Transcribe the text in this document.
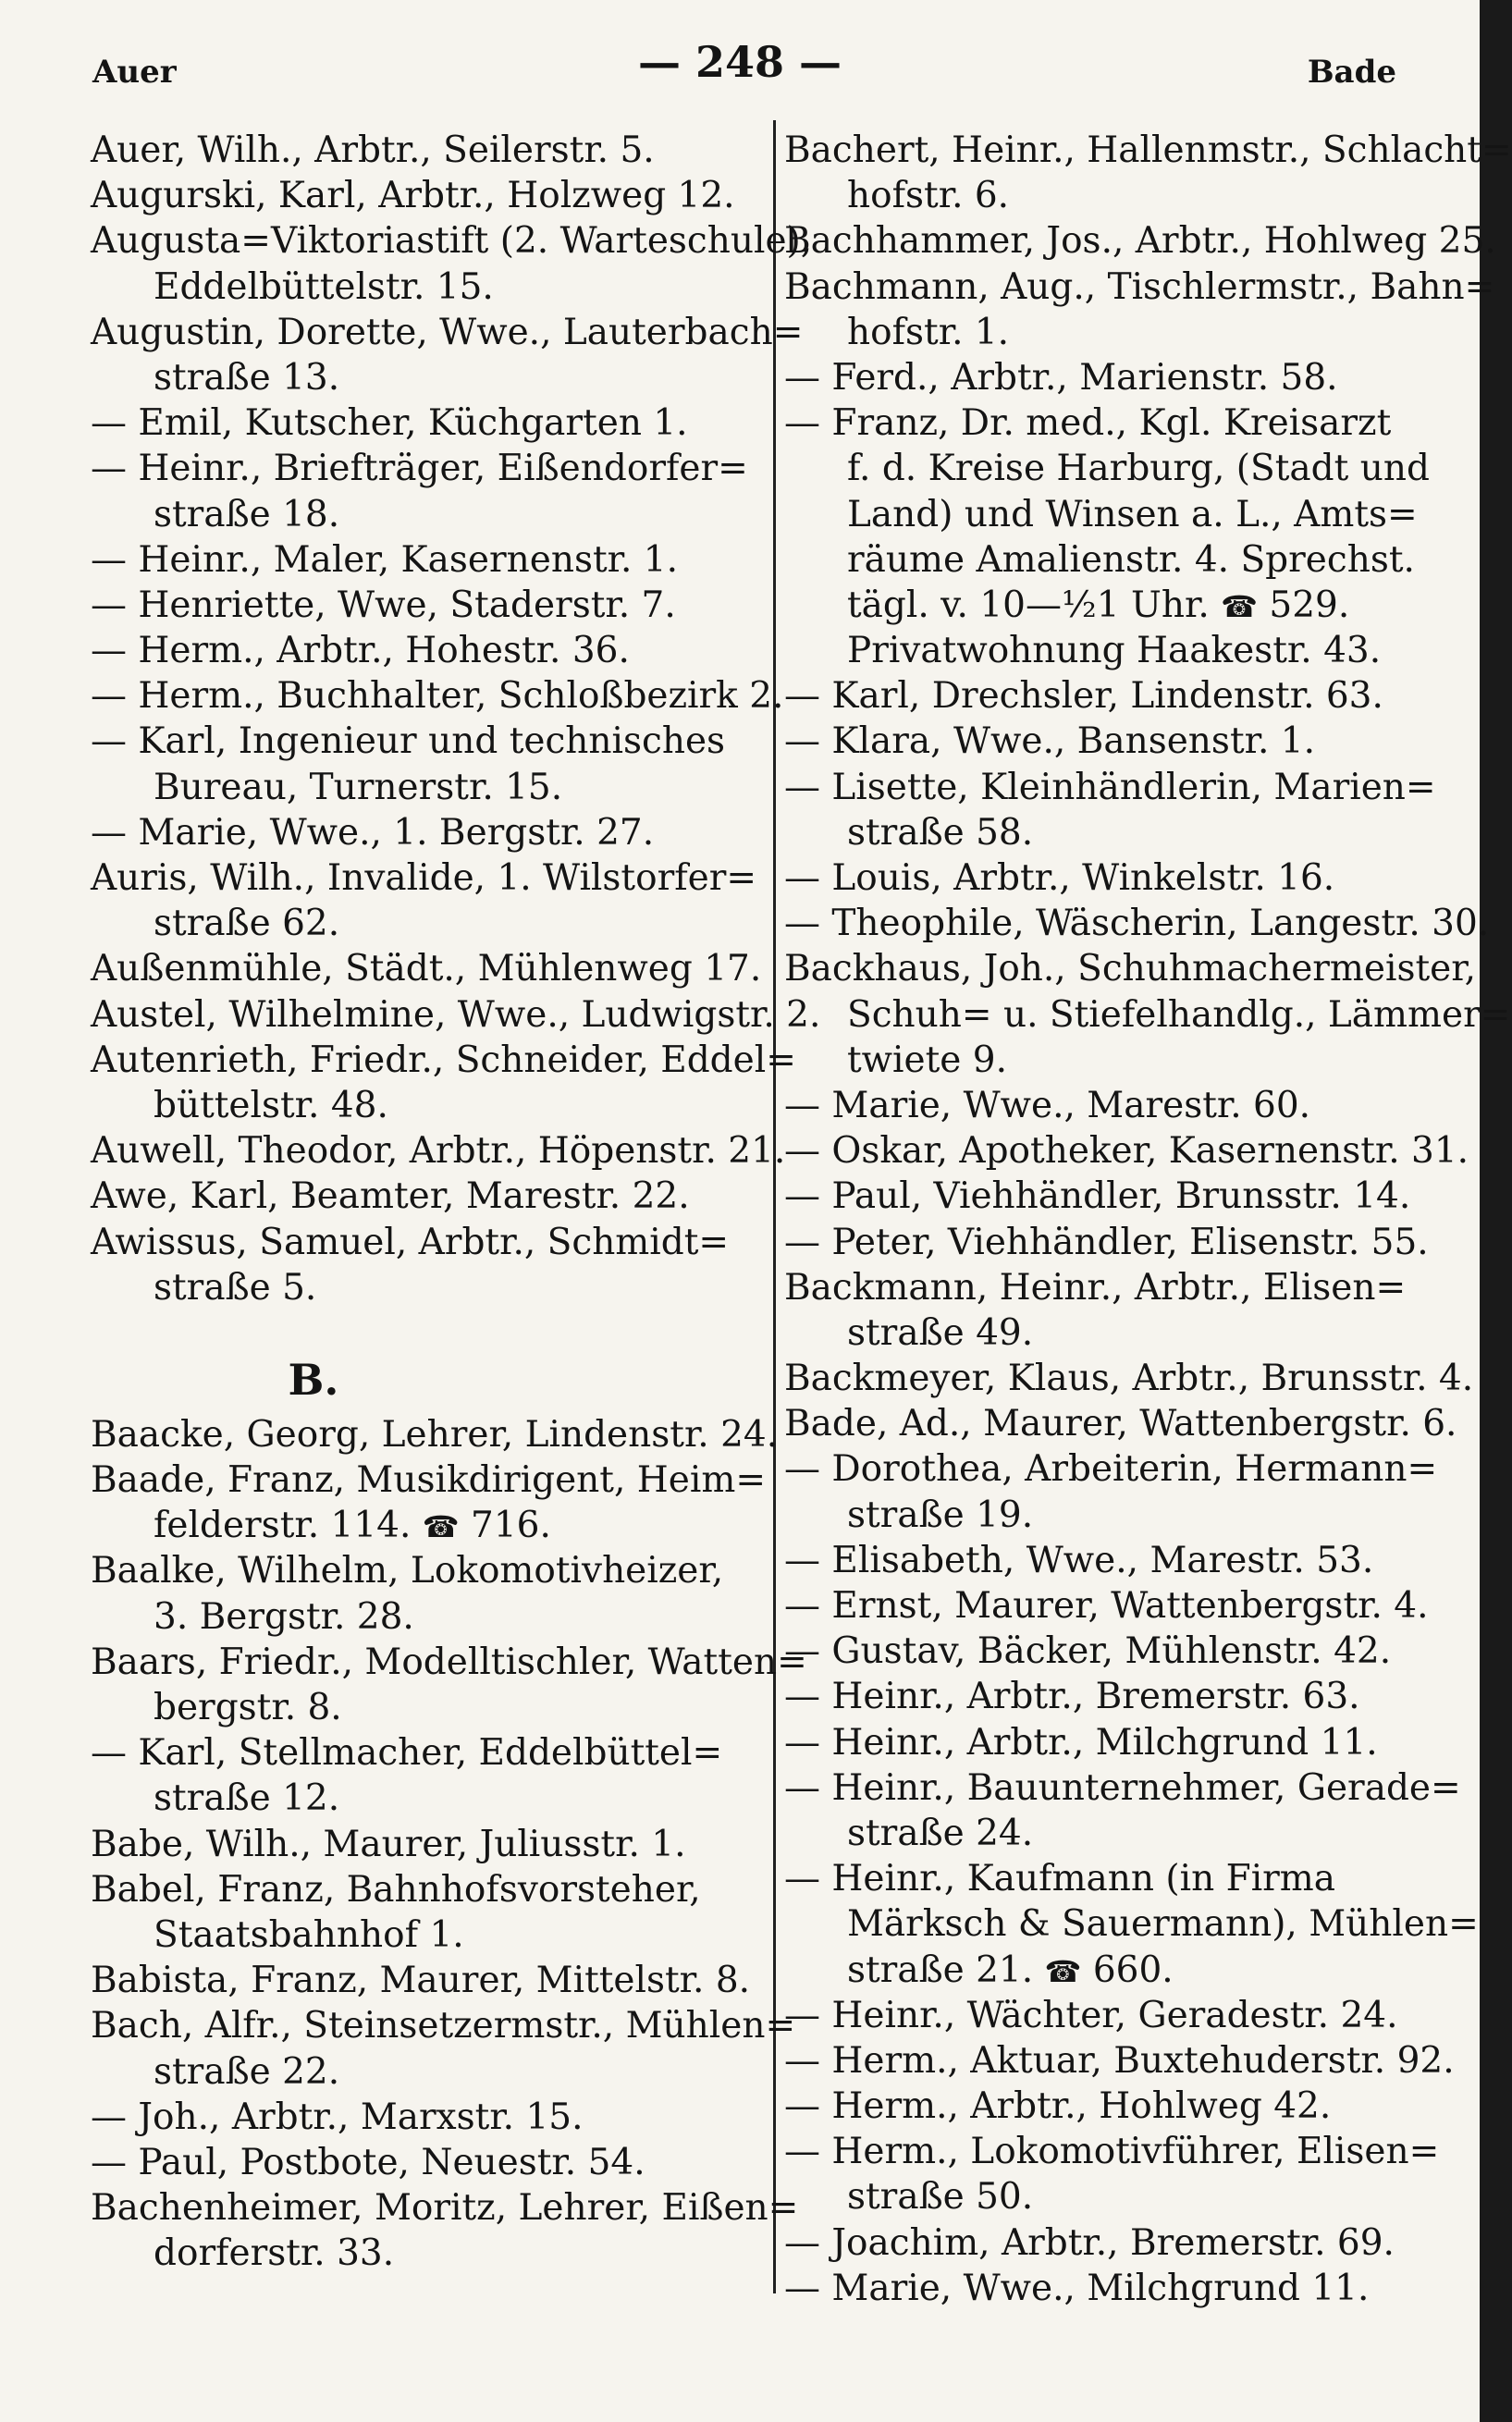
Auer	— 248 —	Bade
Auer, Wilh., Arbtr., Seilerstr. 5.
Augurski, Karl, Arbtr., Holzweg 12.
Augusta=Viktoriastift (2. Warteschule),
Eddelbüttelstr. 15.
Augustin, Dorette, Wwe., Lauterbach=
straße 13.
— Emil, Kutscher, Küchgarten 1.
— Heinr., Briefträger, Eißendorfer=
straße 18.
— Heinr., Maler, Kasernenstr. 1.
— Henriette, Wwe, Staderstr. 7.
— Herm., Arbtr., Hohestr. 36.
— Herm., Buchhalter, Schloßbezirk 2.
— Karl, Ingenieur und technisches
Bureau, Turnerstr. 15.
— Marie, Wwe., 1. Bergstr. 27.
Auris, Wilh., Invalide, 1. Wilstorfer=
straße 62.
Außenmühle, Städt., Mühlenweg 17.
Austel, Wilhelmine, Wwe., Ludwigstr. 2.
Autenrieth, Friedr., Schneider, Eddel=
büttelstr. 48.
Auwell, Theodor, Arbtr., Höpenstr. 21.
Awe, Karl, Beamter, Marestr. 22.
Awissus, Samuel, Arbtr., Schmidt=
straße 5.
B.
Baacke, Georg, Lehrer, Lindenstr. 24.
Baade, Franz, Musikdirigent, Heim=
felderstr. 114. ☎ 716.
Baalke, Wilhelm, Lokomotivheizer,
3. Bergstr. 28.
Baars, Friedr., Modelltischler, Watten=
bergstr. 8.
— Karl, Stellmacher, Eddelbüttel=
straße 12.
Babe, Wilh., Maurer, Juliusstr. 1.
Babel, Franz, Bahnhofsvorsteher,
Staatsbahnhof 1.
Babista, Franz, Maurer, Mittelstr. 8.
Bach, Alfr., Steinsetzermstr., Mühlen=
straße 22.
— Joh., Arbtr., Marxstr. 15.
— Paul, Postbote, Neuestr. 54.
Bachenheimer, Moritz, Lehrer, Eißen=
dorferstr. 33.
Bachert, Heinr., Hallenmstr., Schlacht=
hofstr. 6.
Bachhammer, Jos., Arbtr., Hohlweg 25.
Bachmann, Aug., Tischlermstr., Bahn=
hofstr. 1.
— Ferd., Arbtr., Marienstr. 58.
— Franz, Dr. med., Kgl. Kreisarzt
f. d. Kreise Harburg, (Stadt und
Land) und Winsen a. L., Amts=
räume Amalienstr. 4. Sprechst.
tägl. v. 10—½1 Uhr. ☎ 529.
Privatwohnung Haakestr. 43.
— Karl, Drechsler, Lindenstr. 63.
— Klara, Wwe., Bansenstr. 1.
— Lisette, Kleinhändlerin, Marien=
straße 58.
— Louis, Arbtr., Winkelstr. 16.
— Theophile, Wäscherin, Langestr. 30.
Backhaus, Joh., Schuhmachermeister,
Schuh= u. Stiefelhandlg., Lämmer=
twiete 9.
— Marie, Wwe., Marestr. 60.
— Oskar, Apotheker, Kasernenstr. 31.
— Paul, Viehhändler, Brunsstr. 14.
— Peter, Viehhändler, Elisenstr. 55.
Backmann, Heinr., Arbtr., Elisen=
straße 49.
Backmeyer, Klaus, Arbtr., Brunsstr. 4.
Bade, Ad., Maurer, Wattenbergstr. 6.
— Dorothea, Arbeiterin, Hermann=
straße 19.
— Elisabeth, Wwe., Marestr. 53.
— Ernst, Maurer, Wattenbergstr. 4.
— Gustav, Bäcker, Mühlenstr. 42.
— Heinr., Arbtr., Bremerstr. 63.
— Heinr., Arbtr., Milchgrund 11.
— Heinr., Bauunternehmer, Gerade=
straße 24.
— Heinr., Kaufmann (in Firma
Märksch & Sauermann), Mühlen=
straße 21. ☎ 660.
— Heinr., Wächter, Geradestr. 24.
— Herm., Aktuar, Buxtehuderstr. 92.
— Herm., Arbtr., Hohlweg 42.
— Herm., Lokomotivführer, Elisen=
straße 50.
— Joachim, Arbtr., Bremerstr. 69.
— Marie, Wwe., Milchgrund 11.
